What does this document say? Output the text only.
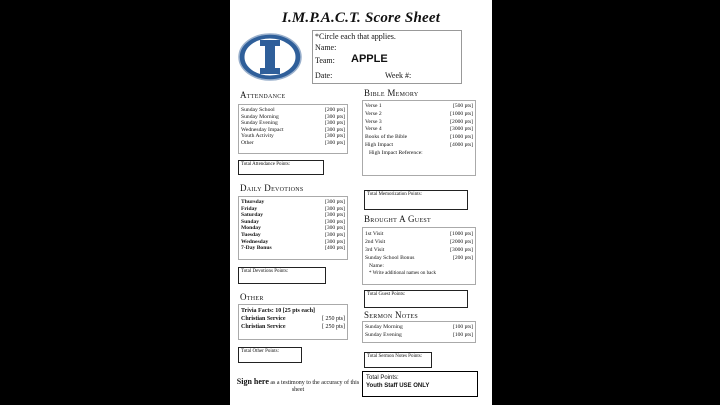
I.M.P.A.C.T. Score Sheet
*Circle each that applies.
Name:
Team: APPLE
Date:	Week #:
Attendance
Sunday School	[200 pts]
Sunday Morning	[300 pts]
Sunday Evening	[300 pts]
Wednesday Impact	[300 pts]
Youth Activity	[300 pts]
Other	[300 pts]
Total Attendance Points:
Daily Devotions
Thursday	[300 pts]
Friday	[300 pts]
Saturday	[300 pts]
Sunday	[300 pts]
Monday	[300 pts]
Tuesday	[300 pts]
Wednesday	[300 pts]
7-Day Bonus	[400 pts]
Total Devotions Points:
Other
Trivia Facts: 10 [25 pts each]
Christian Service	[ 250 pts]
Christian Service	[ 250 pts]
Total Other Points:
Bible Memory
Verse 1	[500 pts]
Verse 2	[1000 pts]
Verse 3	[2000 pts]
Verse 4	[3000 pts]
Books of the Bible	[1000 pts]
High Impact	[4000 pts]
High Impact Reference:
Total Memorization Points:
Brought A Guest
1st Visit	[1000 pts]
2nd Visit	[2000 pts]
3rd Visit	[3000 pts]
Sunday School Bonus	[200 pts]
Name:
* Write additional names on back
Total Guest Points:
Sermon Notes
Sunday Morning	[100 pts]
Sunday Evening	[100 pts]
Total Sermon Notes Points:
Sign here as a testimony to the accuracy of this sheet
Total Points:
Youth Staff USE ONLY
